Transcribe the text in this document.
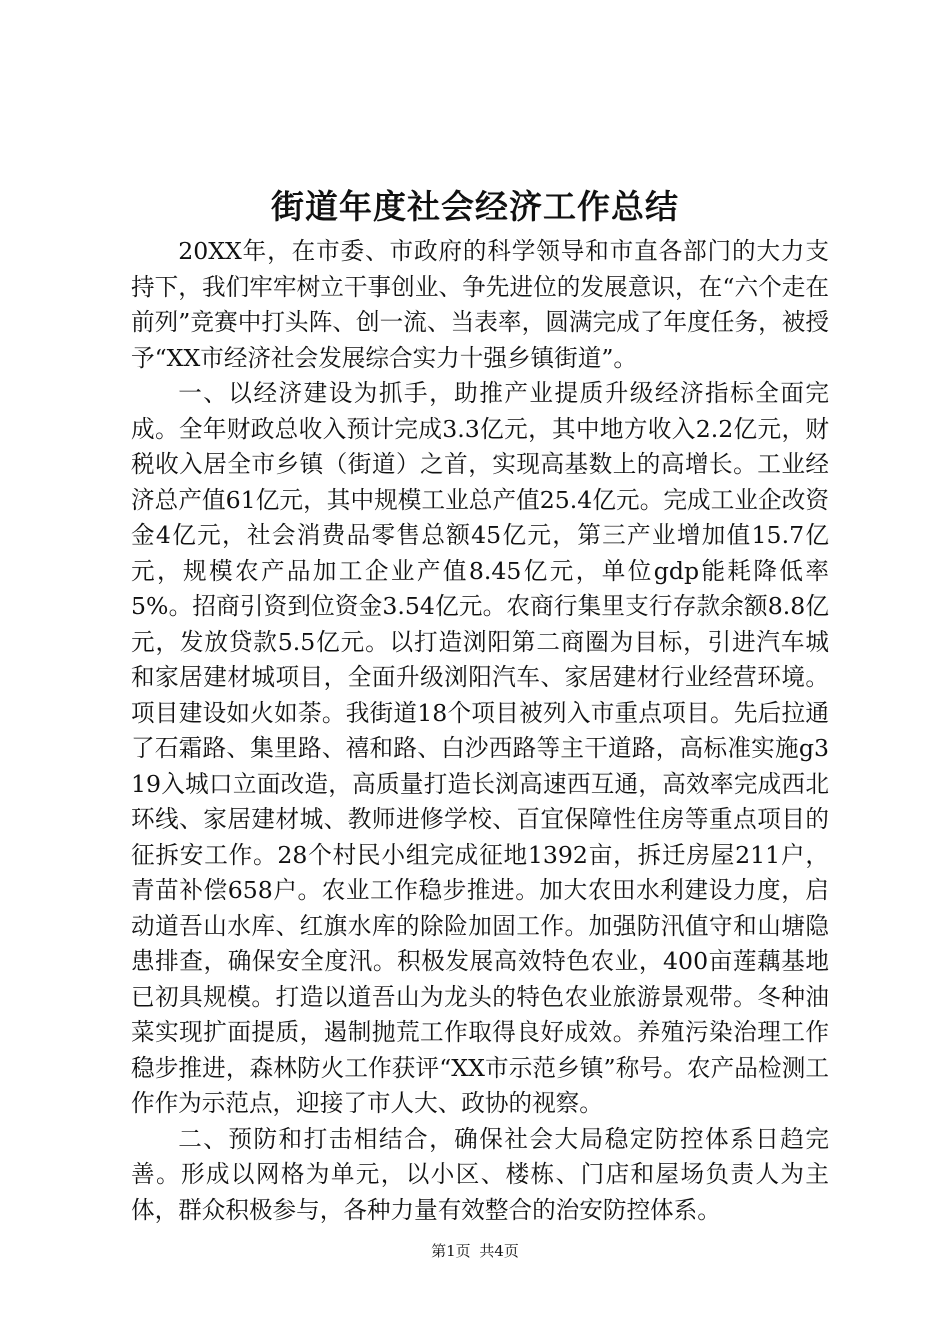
街道年度社会经济工作总结

20XX年，在市委、市政府的科学领导和市直各部门的大力支持下，我们牢牢树立干事创业、争先进位的发展意识，在“六个走在前列”竞赛中打头阵、创一流、当表率，圆满完成了年度任务，被授予“XX市经济社会发展综合实力十强乡镇街道”。

一、以经济建设为抓手，助推产业提质升级经济指标全面完成。全年财政总收入预计完成3.3亿元，其中地方收入2.2亿元，财税收入居全市乡镇（街道）之首，实现高基数上的高增长。工业经济总产值61亿元，其中规模工业总产值25.4亿元。完成工业企改资金4亿元，社会消费品零售总额45亿元，第三产业增加值15.7亿元，规模农产品加工企业产值8.45亿元，单位gdp能耗降低率5%。招商引资到位资金3.54亿元。农商行集里支行存款余额8.8亿元，发放贷款5.5亿元。以打造浏阳第二商圈为目标，引进汽车城和家居建材城项目，全面升级浏阳汽车、家居建材行业经营环境。项目建设如火如荼。我街道18个项目被列入市重点项目。先后拉通了石霜路、集里路、禧和路、白沙西路等主干道路，高标准实施g319入城口立面改造，高质量打造长浏高速西互通，高效率完成西北环线、家居建材城、教师进修学校、百宜保障性住房等重点项目的征拆安工作。28个村民小组完成征地1392亩，拆迁房屋211户，青苗补偿658户。农业工作稳步推进。加大农田水利建设力度，启动道吾山水库、红旗水库的除险加固工作。加强防汛值守和山塘隐患排查，确保安全度汛。积极发展高效特色农业，400亩莲藕基地已初具规模。打造以道吾山为龙头的特色农业旅游景观带。冬种油菜实现扩面提质，遏制抛荒工作取得良好成效。养殖污染治理工作稳步推进，森林防火工作获评“XX市示范乡镇”称号。农产品检测工作作为示范点，迎接了市人大、政协的视察。

二、预防和打击相结合，确保社会大局稳定防控体系日趋完善。形成以网格为单元，以小区、楼栋、门店和屋场负责人为主体，群众积极参与，各种力量有效整合的治安防控体系。

第1页 共4页
